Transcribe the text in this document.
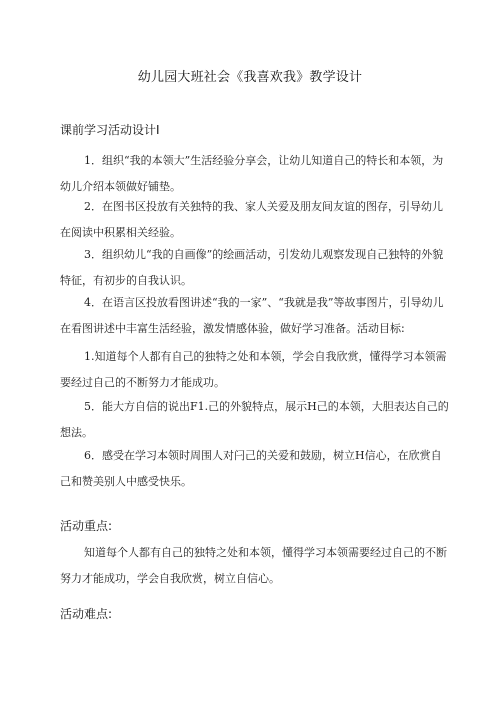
幼儿园大班社会《我喜欢我》教学设计
课前学习活动设计Ⅰ
1．组织“我的本领大”生活经验分享会，让幼儿知道自己的特长和本领，为幼儿介绍本领做好铺垫。
2．在图书区投放有关独特的我、家人关爱及朋友间友谊的图存，引导幼儿在阅读中积累相关经验。
3．组织幼儿“我的自画像”的绘画活动，引发幼儿观察发现自己独特的外貌特征，有初步的自我认识。
4．在语言区投放看图讲述“我的一家”、“我就是我”等故事图片，引导幼儿在看图讲述中丰富生活经验，激发情感体验，做好学习准备。活动目标:
1.知道每个人都有自己的独特之处和本领，学会自我欣赏，懂得学习本领需要经过自己的不断努力才能成功。
5．能大方自信的说出F1.己的外貌特点，展示H己的本领，大胆表达自己的想法。
6．感受在学习本领时周围人对闩己的关爱和鼓励，树立H信心，在欣赏自己和赞美别人中感受快乐。
活动重点:
知道每个人都有自己的独特之处和本领，懂得学习本领需要经过自己的不断努力才能成功，学会自我欣赏，树立自信心。
活动难点:
